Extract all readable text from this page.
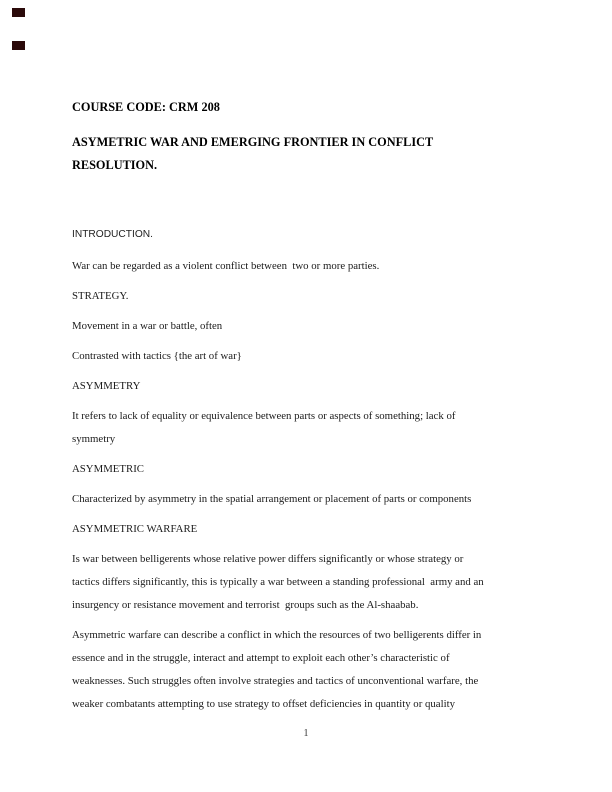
COURSE CODE: CRM 208

ASYMETRIC WAR AND EMERGING FRONTIER IN CONFLICT
RESOLUTION.

INTRODUCTION.

War can be regarded as a violent conflict between  two or more parties.

STRATEGY.

Movement in a war or battle, often

Contrasted with tactics {the art of war}

ASYMMETRY

It refers to lack of equality or equivalence between parts or aspects of something; lack of
symmetry

ASYMMETRIC

Characterized by asymmetry in the spatial arrangement or placement of parts or components

ASYMMETRIC WARFARE

Is war between belligerents whose relative power differs significantly or whose strategy or
tactics differs significantly, this is typically a war between a standing professional  army and an
insurgency or resistance movement and terrorist  groups such as the Al-shaabab.

Asymmetric warfare can describe a conflict in which the resources of two belligerents differ in
essence and in the struggle, interact and attempt to exploit each other’s characteristic of
weaknesses. Such struggles often involve strategies and tactics of unconventional warfare, the
weaker combatants attempting to use strategy to offset deficiencies in quantity or quality

1
